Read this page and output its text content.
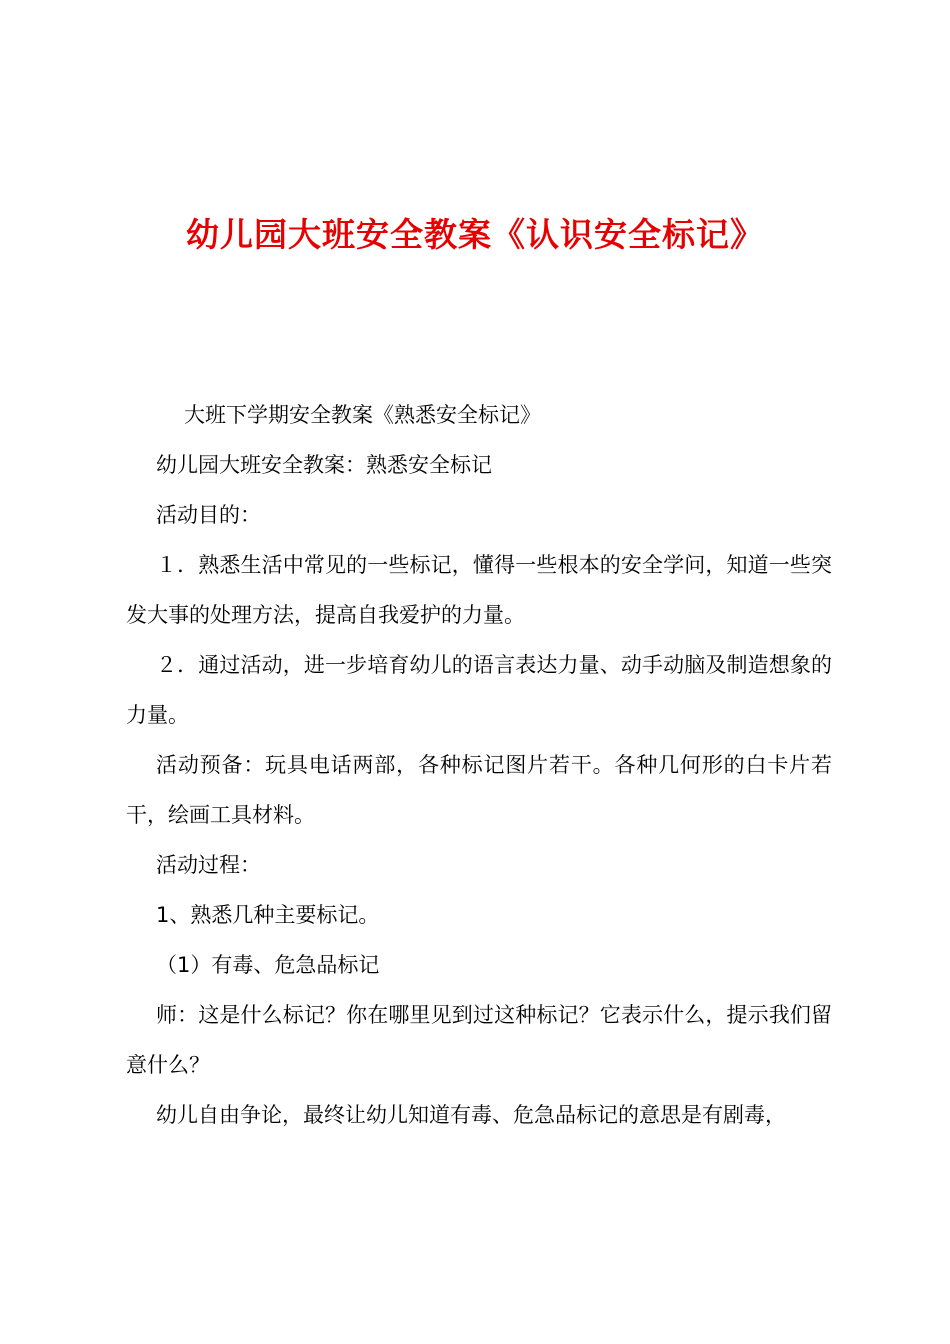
幼儿园大班安全教案《认识安全标记》

大班下学期安全教案《熟悉安全标记》

幼儿园大班安全教案：熟悉安全标记

活动目的：

１．熟悉生活中常见的一些标记，懂得一些根本的安全学问，知道一些突发大事的处理方法，提高自我爱护的力量。

２．通过活动，进一步培育幼儿的语言表达力量、动手动脑及制造想象的力量。

活动预备：玩具电话两部，各种标记图片若干。各种几何形的白卡片若干，绘画工具材料。

活动过程：

1、熟悉几种主要标记。

（1）有毒、危急品标记

师：这是什么标记？你在哪里见到过这种标记？它表示什么，提示我们留意什么？

幼儿自由争论，最终让幼儿知道有毒、危急品标记的意思是有剧毒，
